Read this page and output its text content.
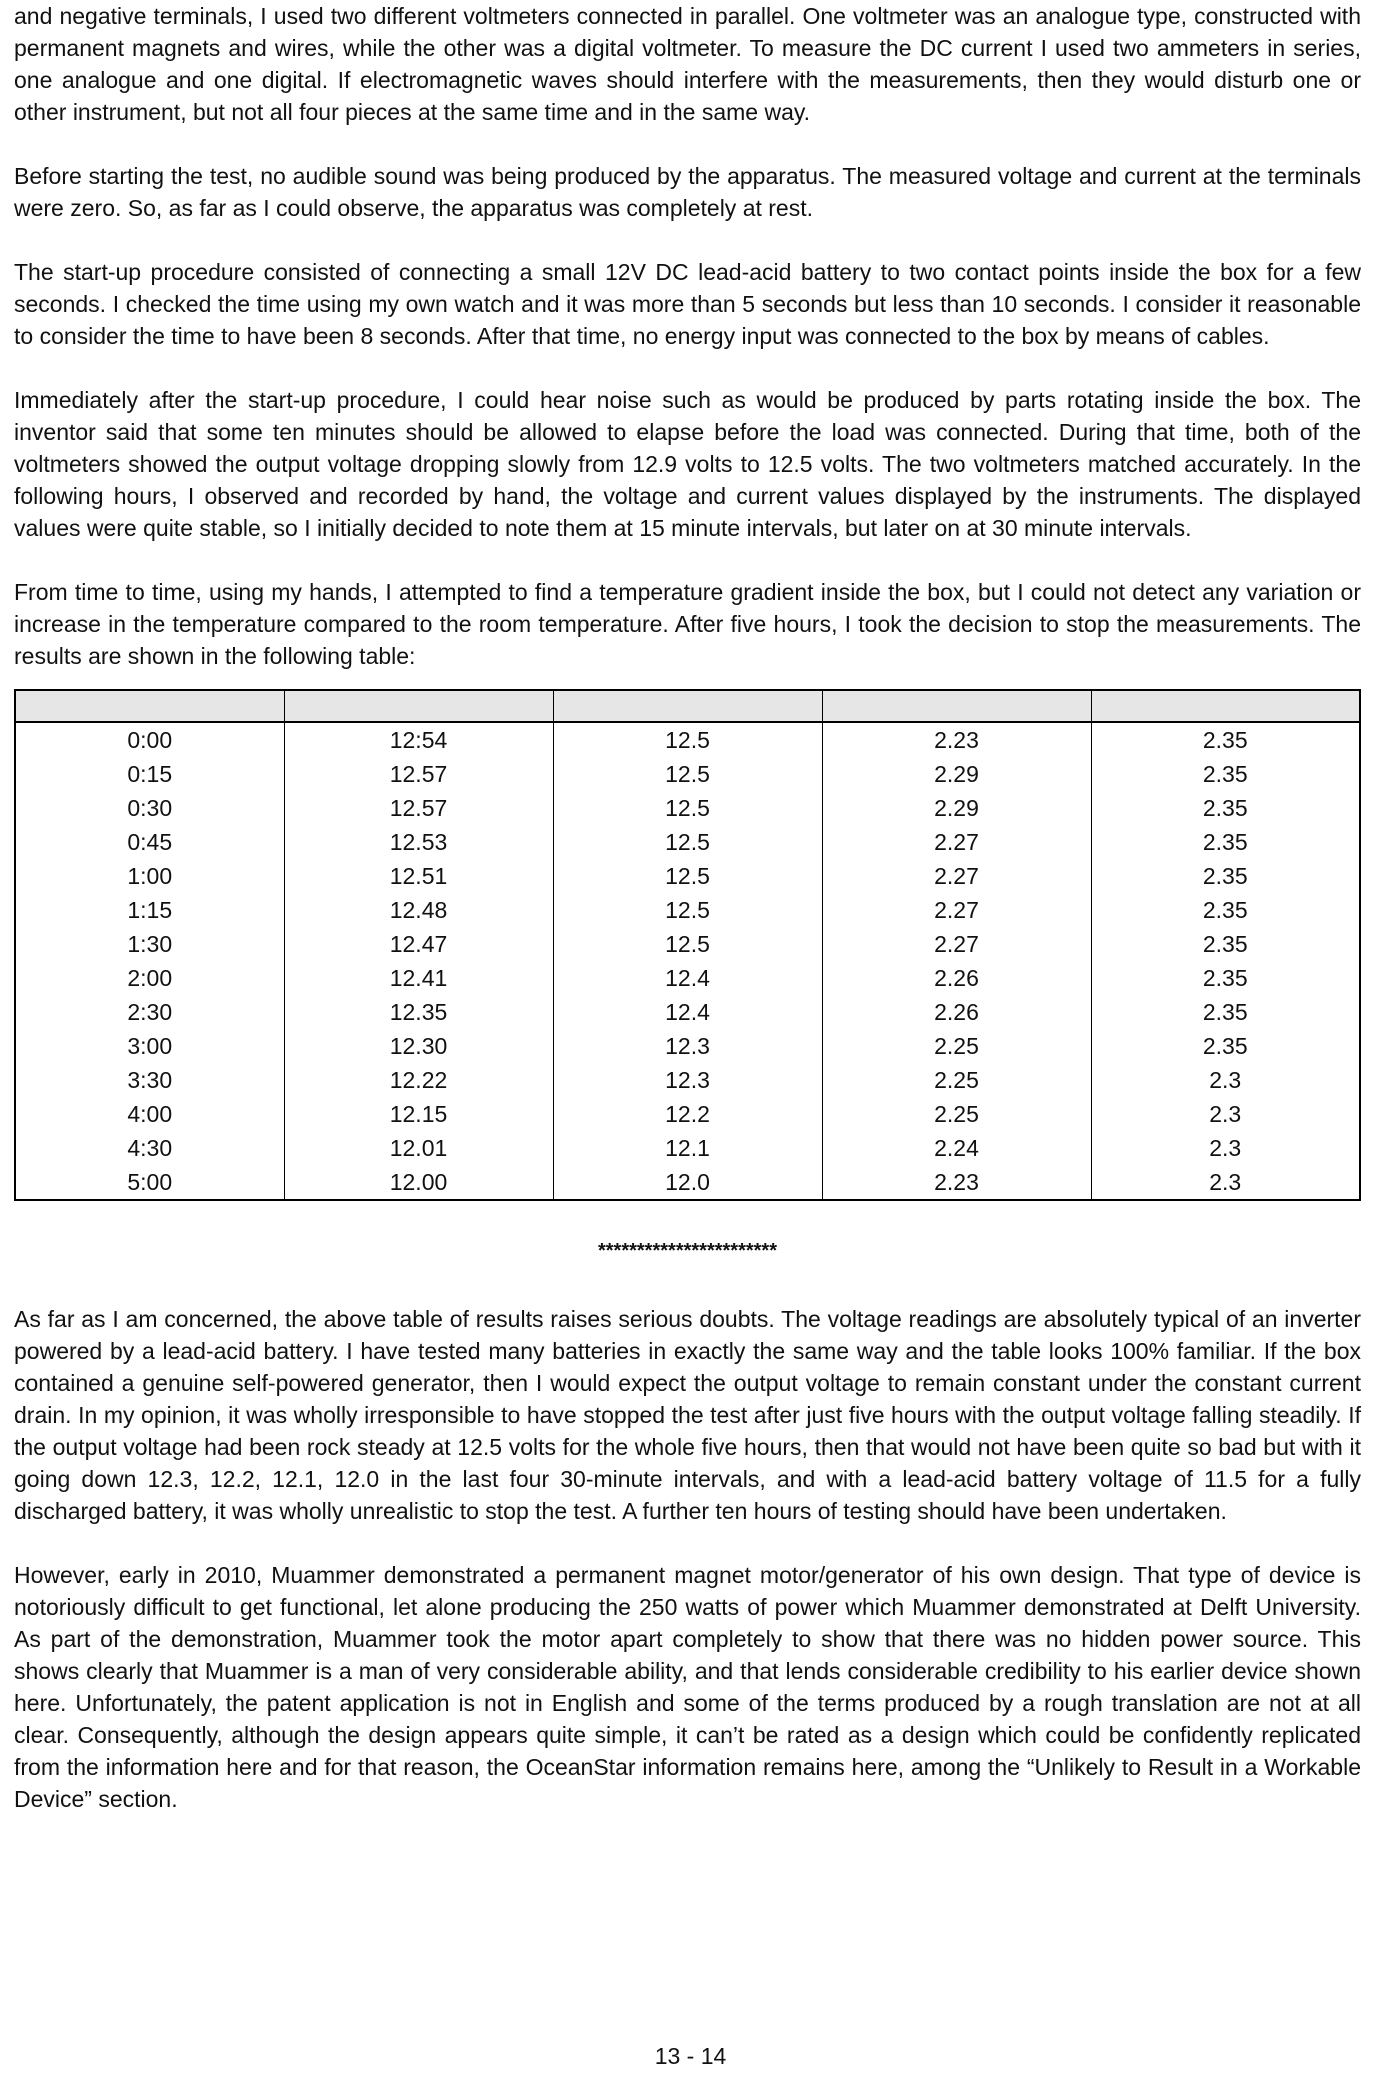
and negative terminals, I used two different voltmeters connected in parallel. One voltmeter was an analogue type, constructed with permanent magnets and wires, while the other was a digital voltmeter. To measure the DC current I used two ammeters in series, one analogue and one digital. If electromagnetic waves should interfere with the measurements, then they would disturb one or other instrument, but not all four pieces at the same time and in the same way.

Before starting the test, no audible sound was being produced by the apparatus. The measured voltage and current at the terminals were zero. So, as far as I could observe, the apparatus was completely at rest.

The start-up procedure consisted of connecting a small 12V DC lead-acid battery to two contact points inside the box for a few seconds. I checked the time using my own watch and it was more than 5 seconds but less than 10 seconds. I consider it reasonable to consider the time to have been 8 seconds. After that time, no energy input was connected to the box by means of cables.

Immediately after the start-up procedure, I could hear noise such as would be produced by parts rotating inside the box. The inventor said that some ten minutes should be allowed to elapse before the load was connected. During that time, both of the voltmeters showed the output voltage dropping slowly from 12.9 volts to 12.5 volts. The two voltmeters matched accurately. In the following hours, I observed and recorded by hand, the voltage and current values displayed by the instruments. The displayed values were quite stable, so I initially decided to note them at 15 minute intervals, but later on at 30 minute intervals.

From time to time, using my hands, I attempted to find a temperature gradient inside the box, but I could not detect any variation or increase in the temperature compared to the room temperature. After five hours, I took the decision to stop the measurements. The results are shown in the following table:

0:00	12:54	12.5	2.23	2.35
0:15	12.57	12.5	2.29	2.35
0:30	12.57	12.5	2.29	2.35
0:45	12.53	12.5	2.27	2.35
1:00	12.51	12.5	2.27	2.35
1:15	12.48	12.5	2.27	2.35
1:30	12.47	12.5	2.27	2.35
2:00	12.41	12.4	2.26	2.35
2:30	12.35	12.4	2.26	2.35
3:00	12.30	12.3	2.25	2.35
3:30	12.22	12.3	2.25	2.3
4:00	12.15	12.2	2.25	2.3
4:30	12.01	12.1	2.24	2.3
5:00	12.00	12.0	2.23	2.3
***********************

As far as I am concerned, the above table of results raises serious doubts. The voltage readings are absolutely typical of an inverter powered by a lead-acid battery. I have tested many batteries in exactly the same way and the table looks 100% familiar. If the box contained a genuine self-powered generator, then I would expect the output voltage to remain constant under the constant current drain. In my opinion, it was wholly irresponsible to have stopped the test after just five hours with the output voltage falling steadily. If the output voltage had been rock steady at 12.5 volts for the whole five hours, then that would not have been quite so bad but with it going down 12.3, 12.2, 12.1, 12.0 in the last four 30-minute intervals, and with a lead-acid battery voltage of 11.5 for a fully discharged battery, it was wholly unrealistic to stop the test. A further ten hours of testing should have been undertaken.

However, early in 2010, Muammer demonstrated a permanent magnet motor/generator of his own design. That type of device is notoriously difficult to get functional, let alone producing the 250 watts of power which Muammer demonstrated at Delft University. As part of the demonstration, Muammer took the motor apart completely to show that there was no hidden power source. This shows clearly that Muammer is a man of very considerable ability, and that lends considerable credibility to his earlier device shown here. Unfortunately, the patent application is not in English and some of the terms produced by a rough translation are not at all clear. Consequently, although the design appears quite simple, it can’t be rated as a design which could be confidently replicated from the information here and for that reason, the OceanStar information remains here, among the “Unlikely to Result in a Workable Device” section.

13 - 14
